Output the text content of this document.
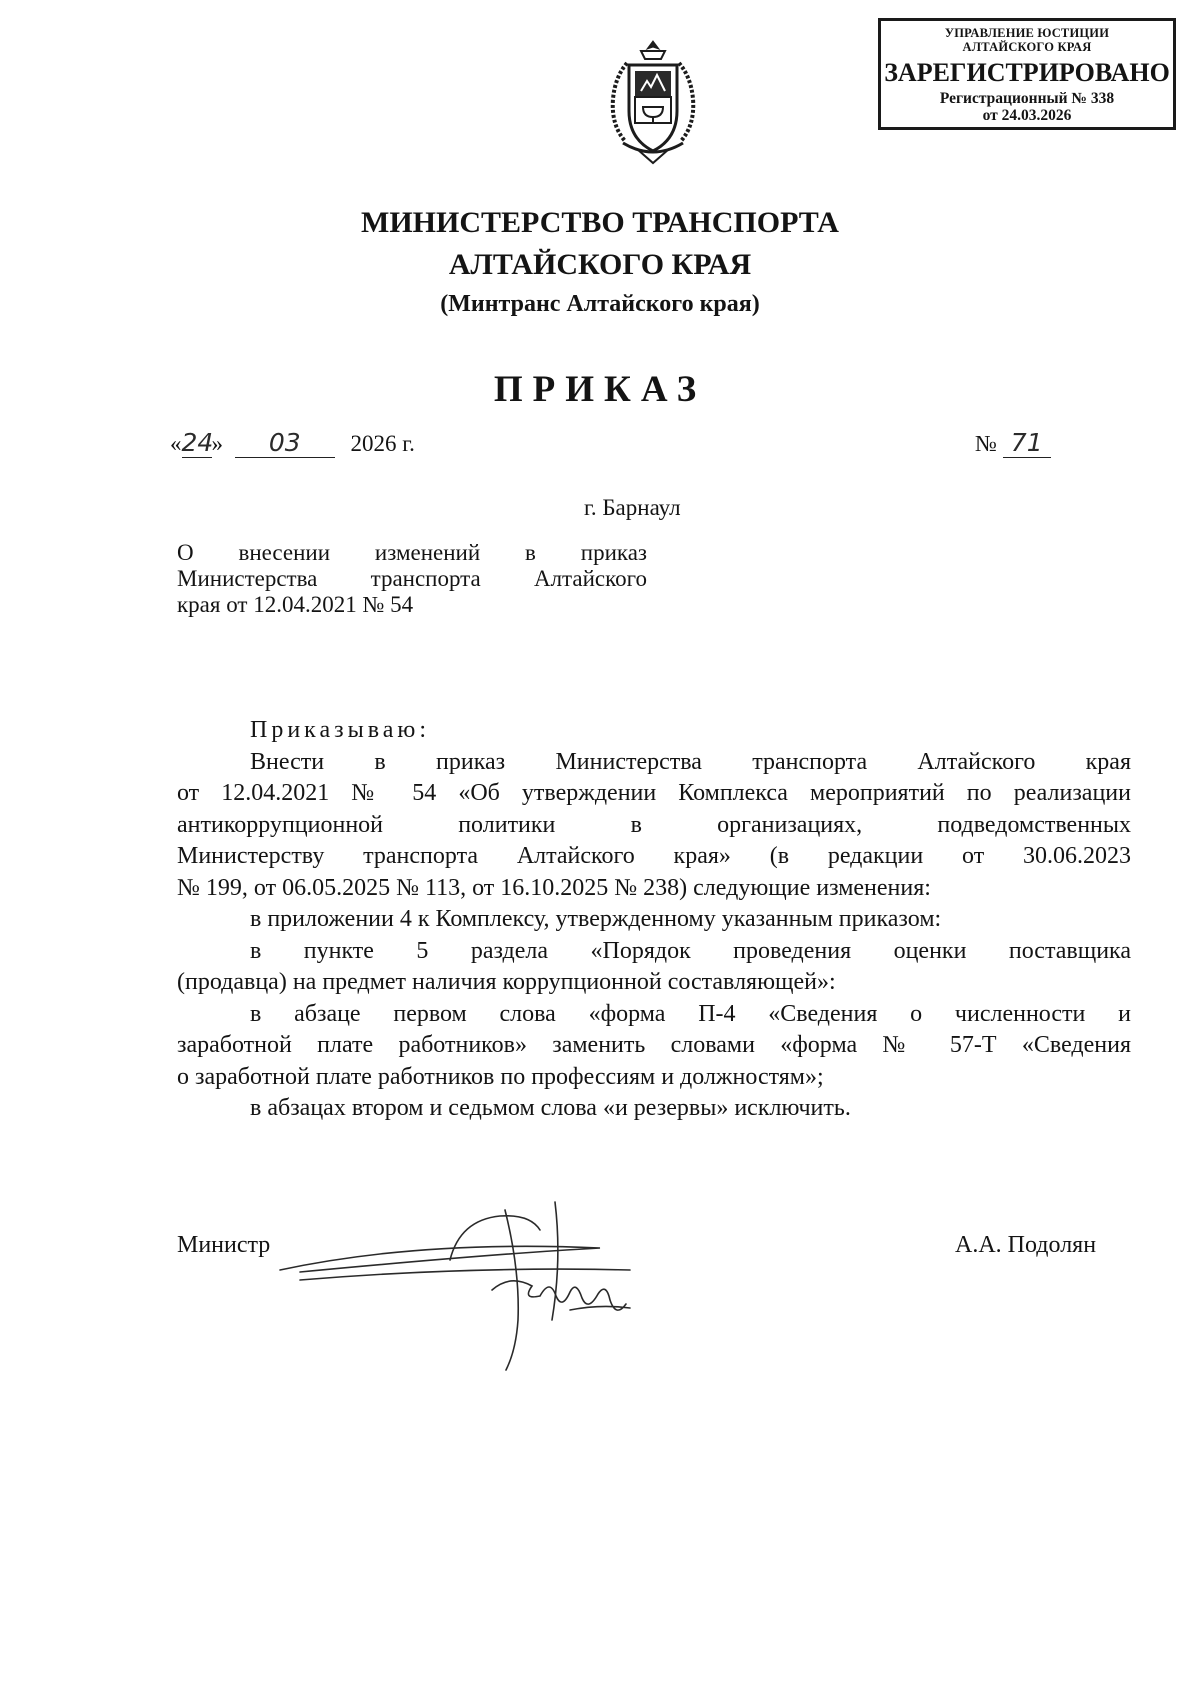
УПРАВЛЕНИЕ ЮСТИЦИИ
АЛТАЙСКОГО КРАЯ
ЗАРЕГИСТРИРОВАНО
Регистрационный № 338
от 24.03.2026
МИНИСТЕРСТВО ТРАНСПОРТА
АЛТАЙСКОГО КРАЯ
(Минтранс Алтайского края)
ПРИКАЗ
«24» 03 2026 г.	№ 71
г. Барнаул
О внесении изменений в приказ
Министерства транспорта Алтайского
края от 12.04.2021 № 54

Приказываю:

Внести в приказ Министерства транспорта Алтайского края

от 12.04.2021 № 54 «Об утверждении Комплекса мероприятий по реализации

антикоррупционной политики в организациях, подведомственных

Министерству транспорта Алтайского края» (в редакции от 30.06.2023

№ 199, от 06.05.2025 № 113, от 16.10.2025 № 238) следующие изменения:

в приложении 4 к Комплексу, утвержденному указанным приказом:

в пункте 5 раздела «Порядок проведения оценки поставщика

(продавца) на предмет наличия коррупционной составляющей»:

в абзаце первом слова «форма П-4 «Сведения о численности и

заработной плате работников» заменить словами «форма № 57-Т «Сведения

о заработной плате работников по профессиям и должностям»;

в абзацах втором и седьмом слова «и резервы» исключить.

Министр	А.А. Подолян
